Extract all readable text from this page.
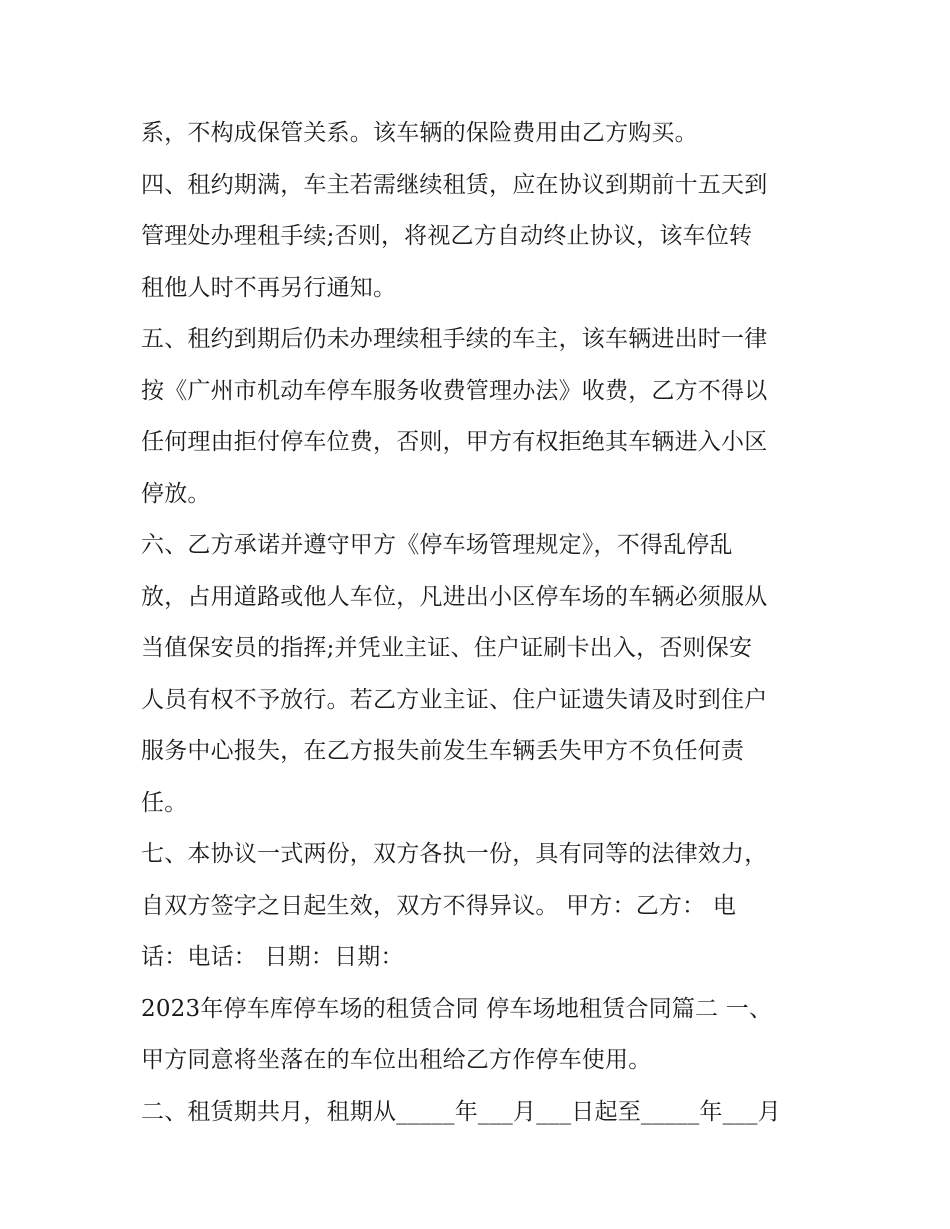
系，不构成保管关系。该车辆的保险费用由乙方购买。
四、租约期满，车主若需继续租赁，应在协议到期前十五天到
管理处办理租手续;否则，将视乙方自动终止协议，该车位转
租他人时不再另行通知。
五、租约到期后仍未办理续租手续的车主，该车辆进出时一律
按《广州市机动车停车服务收费管理办法》收费，乙方不得以
任何理由拒付停车位费，否则，甲方有权拒绝其车辆进入小区
停放。
六、乙方承诺并遵守甲方《停车场管理规定》，不得乱停乱
放，占用道路或他人车位，凡进出小区停车场的车辆必须服从
当值保安员的指挥;并凭业主证、住户证刷卡出入，否则保安
人员有权不予放行。若乙方业主证、住户证遗失请及时到住户
服务中心报失，在乙方报失前发生车辆丢失甲方不负任何责
任。
七、本协议一式两份，双方各执一份，具有同等的法律效力，
自双方签字之日起生效，双方不得异议。 甲方：乙方： 电
话：电话： 日期：日期：
2023年停车库停车场的租赁合同 停车场地租赁合同篇二 一、
甲方同意将坐落在的车位出租给乙方作停车使用。
二、租赁期共月，租期从_____年___月___日起至_____年___月
